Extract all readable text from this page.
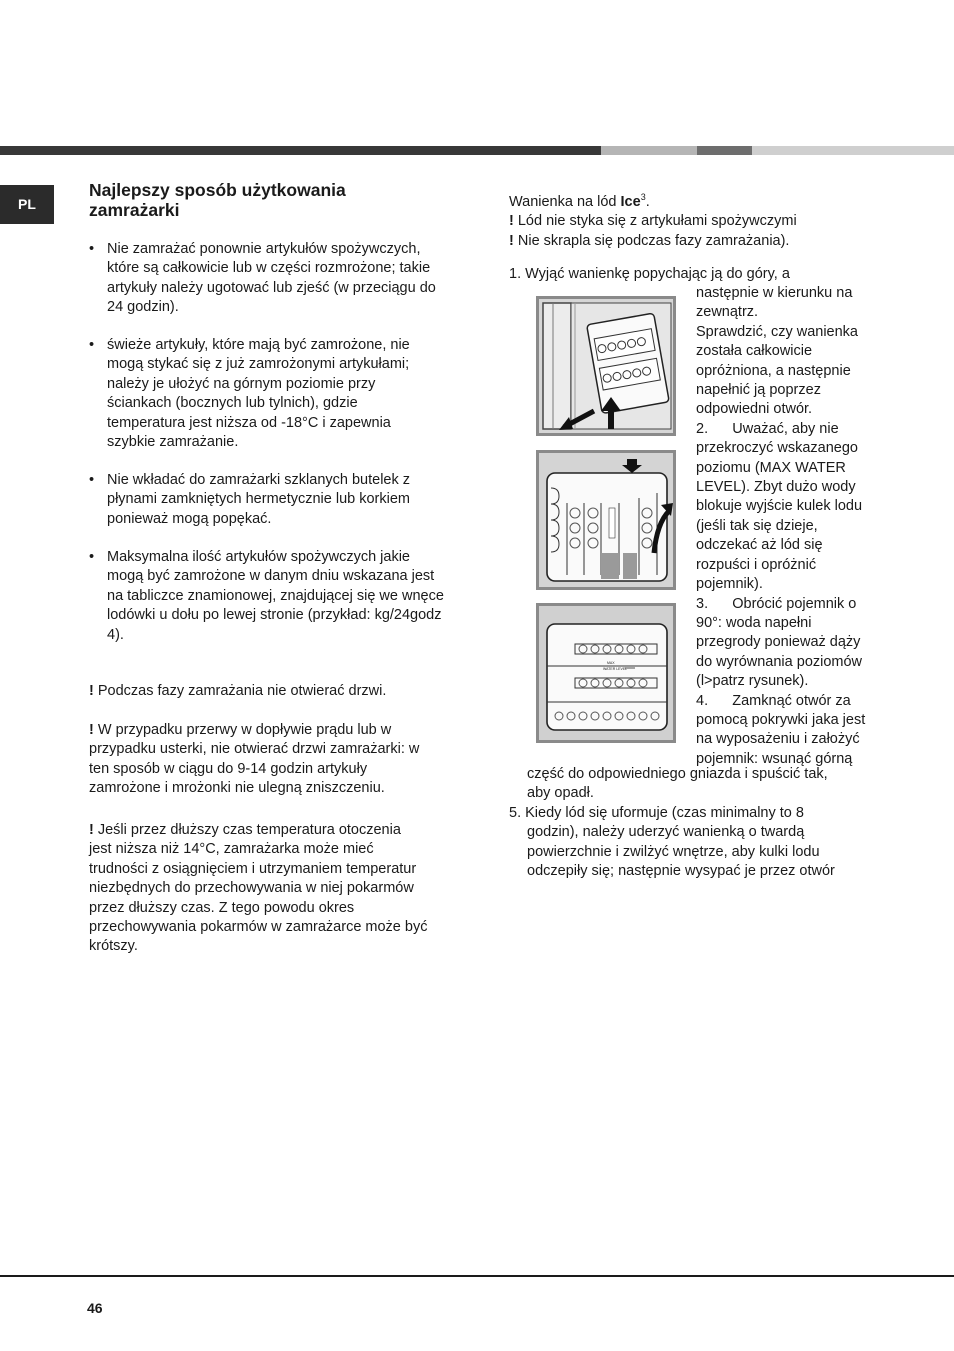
PL
Najlepszy sposób użytkowania
zamrażarki
• Nie zamrażać ponownie artykułów spożywczych,

które są całkowicie lub w części rozmrożone; takie

artykuły należy ugotować lub zjeść (w przeciągu do

24 godzin).

• świeże artykuły, które mają być zamrożone, nie

mogą stykać się z już zamrożonymi artykułami;

należy je ułożyć na górnym poziomie przy

ściankach (bocznych lub tylnich), gdzie

temperatura jest niższa od -18°C i zapewnia

szybkie zamrażanie.

• Nie wkładać do zamrażarki szklanych butelek z

płynami zamkniętych hermetycznie lub korkiem

ponieważ mogą popękać.

• Maksymalna ilość artykułów spożywczych jakie

mogą być zamrożone w danym dniu wskazana jest

na tabliczce znamionowej, znajdującej się we wnęce

lodówki u dołu po lewej stronie (przykład: kg/24godz

4).

! Podczas fazy zamrażania nie otwierać drzwi.

! W przypadku przerwy w dopływie prądu lub w

przypadku usterki, nie otwierać drzwi zamrażarki: w

ten sposób w ciągu do 9-14 godzin artykuły

zamrożone i mrożonki nie ulegną zniszczeniu.

! Jeśli przez dłuższy czas temperatura otoczenia

jest niższa niż 14°C, zamrażarka może mieć

trudności z osiągnięciem i utrzymaniem temperatur

niezbędnych do przechowywania w niej pokarmów

przez dłuższy czas. Z tego powodu okres

przechowywania pokarmów w zamrażarce może być

krótszy.

Wanienka na lód Ice$^3$.

! Lód nie styka się z artykułami spożywczymi

! Nie skrapla się podczas fazy zamrażania).

1. Wyjąć wanienkę popychając ją do góry, a

następnie w kierunku na

zewnątrz.

Sprawdzić, czy wanienka

została całkowicie

opróżniona, a następnie

napełnić ją poprzez

odpowiedni otwór.

2.      Uważać, aby nie

przekroczyć wskazanego

poziomu (MAX WATER

LEVEL). Zbyt dużo wody

blokuje wyjście kulek lodu

(jeśli tak się dzieje,

odczekać aż lód się

rozpuści i opróżnić

pojemnik).

3.      Obrócić pojemnik o

90°: woda napełni

przegrody ponieważ dąży

do wyrównania poziomów

(l>patrz rysunek).

4.      Zamknąć otwór za

pomocą pokrywki jaka jest

na wyposażeniu i założyć

pojemnik: wsunąć górną

część do odpowiedniego gniazda i spuścić tak,

aby opadł.

5. Kiedy lód się uformuje (czas minimalny to 8

godzin), należy uderzyć wanienką o twardą

powierzchnie i zwilżyć wnętrze, aby kulki lodu

odczepiły się; następnie wysypać je przez otwór

MAX
WATER LEVEL
46
